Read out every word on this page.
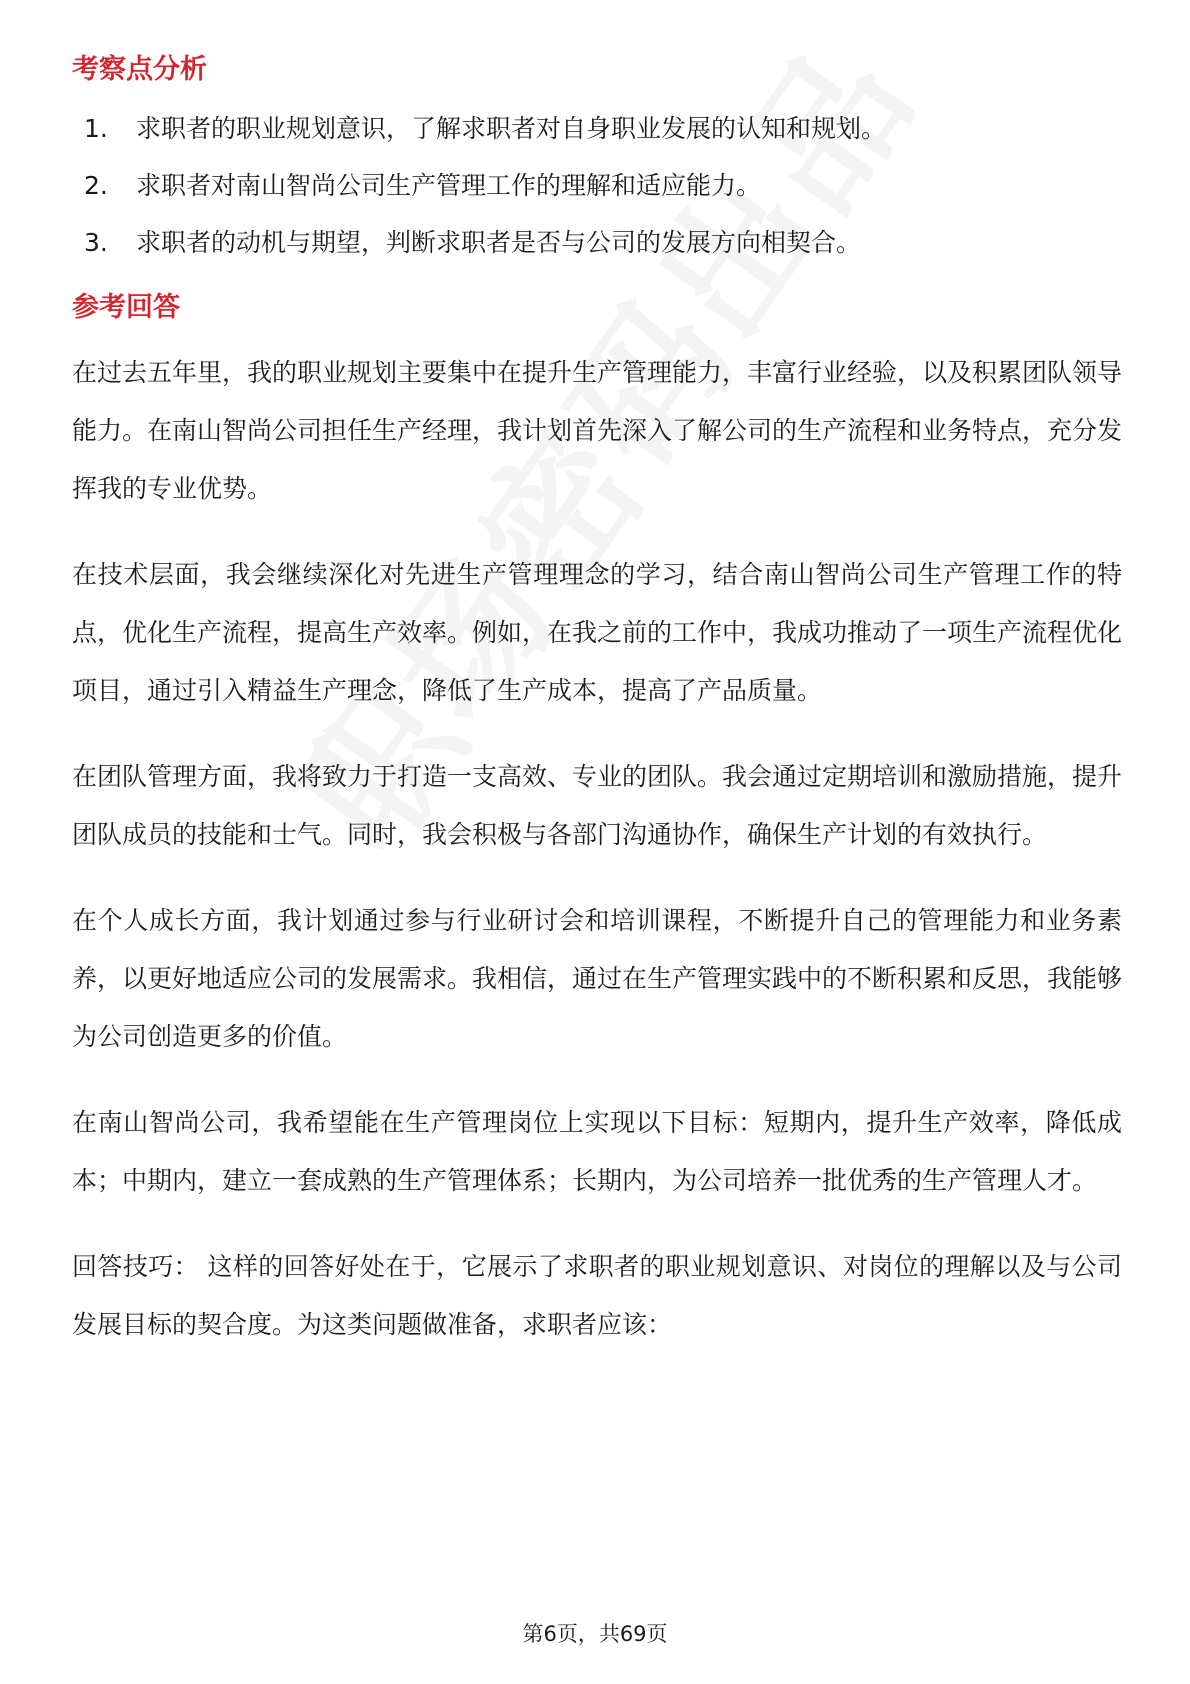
考察点分析
1.	求职者的职业规划意识，了解求职者对自身职业发展的认知和规划。
2.	求职者对南山智尚公司生产管理工作的理解和适应能力。
3.	求职者的动机与期望，判断求职者是否与公司的发展方向相契合。
参考回答

在过去五年里，我的职业规划主要集中在提升生产管理能力，丰富行业经验，以及积累团队领导能力。在南山智尚公司担任生产经理，我计划首先深入了解公司的生产流程和业务特点，充分发挥我的专业优势。

在技术层面，我会继续深化对先进生产管理理念的学习，结合南山智尚公司生产管理工作的特点，优化生产流程，提高生产效率。例如，在我之前的工作中，我成功推动了一项生产流程优化项目，通过引入精益生产理念，降低了生产成本，提高了产品质量。

在团队管理方面，我将致力于打造一支高效、专业的团队。我会通过定期培训和激励措施，提升团队成员的技能和士气。同时，我会积极与各部门沟通协作，确保生产计划的有效执行。

在个人成长方面，我计划通过参与行业研讨会和培训课程，不断提升自己的管理能力和业务素养，以更好地适应公司的发展需求。我相信，通过在生产管理实践中的不断积累和反思，我能够为公司创造更多的价值。

在南山智尚公司，我希望能在生产管理岗位上实现以下目标：短期内，提升生产效率，降低成本；中期内，建立一套成熟的生产管理体系；长期内，为公司培养一批优秀的生产管理人才。

回答技巧： 这样的回答好处在于，它展示了求职者的职业规划意识、对岗位的理解以及与公司发展目标的契合度。为这类问题做准备，求职者应该：

第6页，共69页
